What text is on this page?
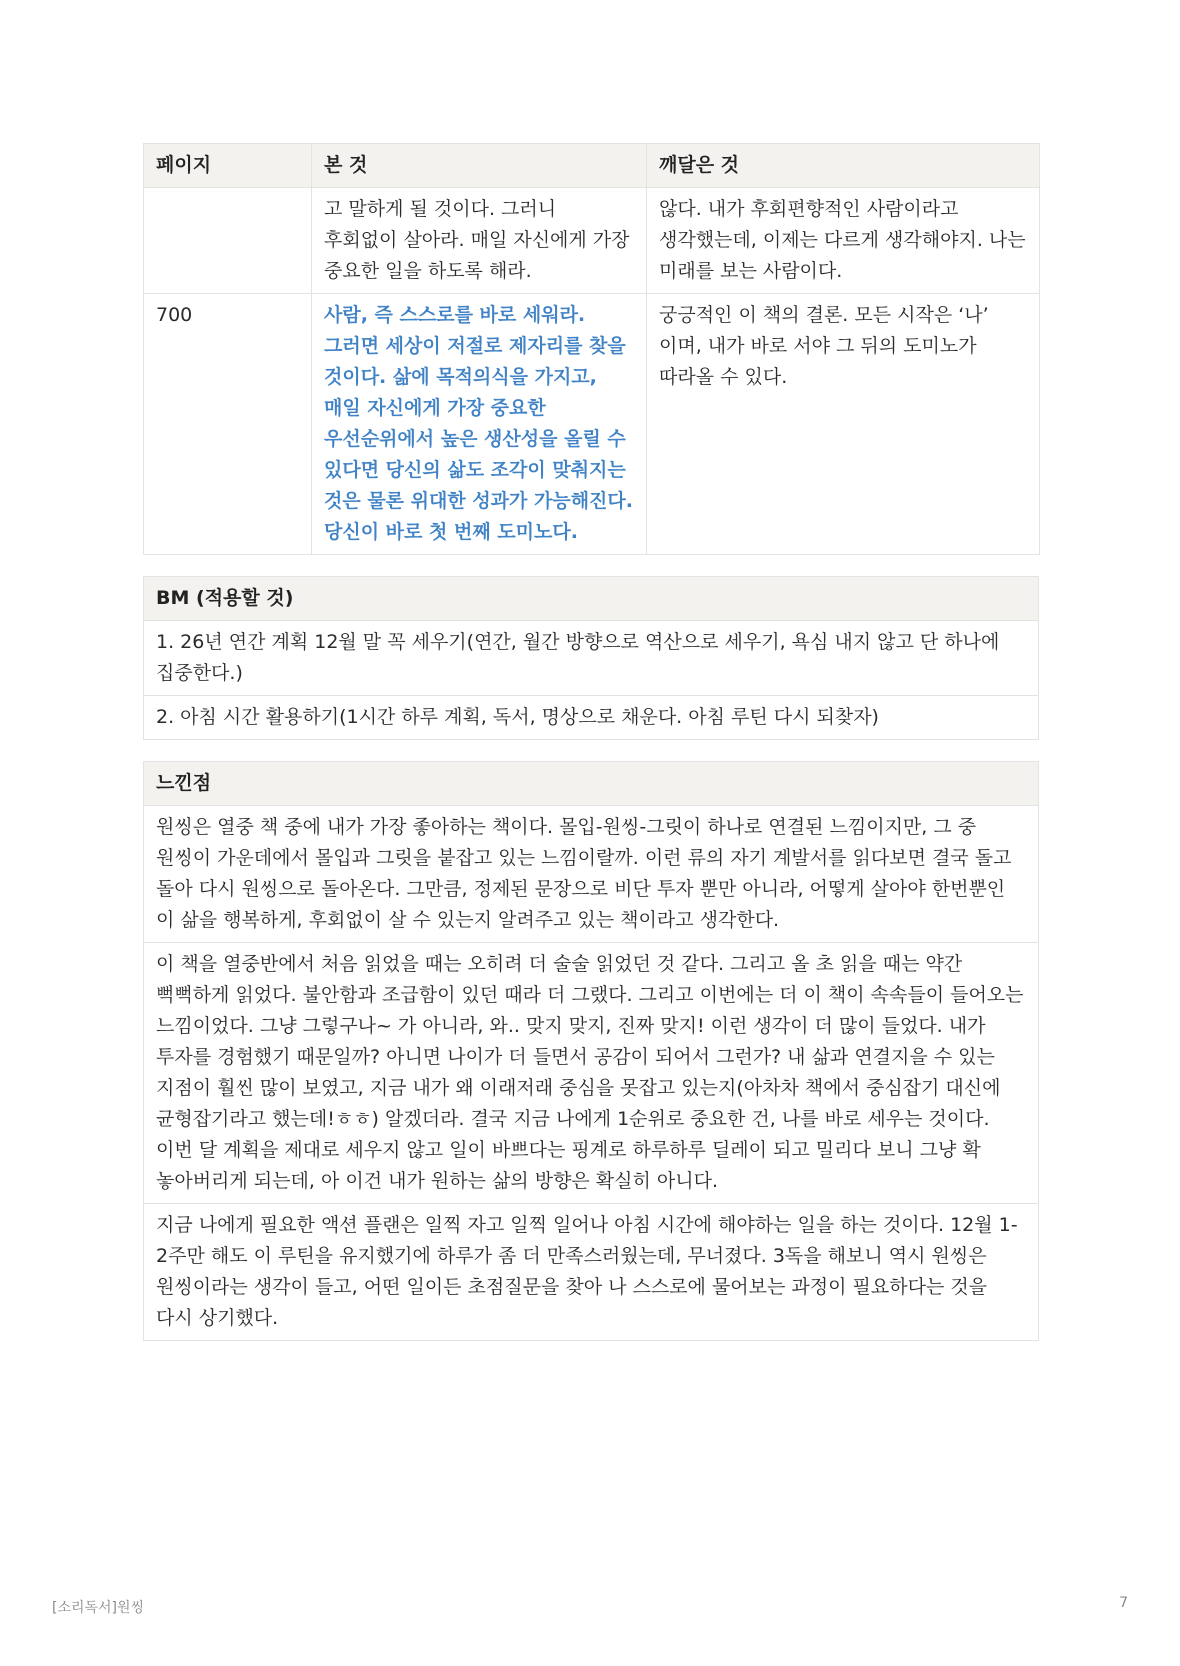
페이지	본 것	깨달은 것
	고 말하게 될 것이다. 그러니 후회없이 살아라. 매일 자신에게 가장 중요한 일을 하도록 해라.	않다. 내가 후회편향적인 사람이라고 생각했는데, 이제는 다르게 생각해야지. 나는 미래를 보는 사람이다.
700	사람, 즉 스스로를 바로 세워라. 그러면 세상이 저절로 제자리를 찾을 것이다. 삶에 목적의식을 가지고, 매일 자신에게 가장 중요한 우선순위에서 높은 생산성을 올릴 수 있다면 당신의 삶도 조각이 맞춰지는 것은 물론 위대한 성과가 가능해진다. 당신이 바로 첫 번째 도미노다.	궁긍적인 이 책의 결론. 모든 시작은 ‘나’ 이며, 내가 바로 서야 그 뒤의 도미노가 따라올 수 있다.
BM (적용할 것)
1. 26년 연간 계획 12월 말 꼭 세우기(연간, 월간 방향으로 역산으로 세우기, 욕심 내지 않고 단 하나에 집중한다.)
2. 아침 시간 활용하기(1시간 하루 계획, 독서, 명상으로 채운다. 아침 루틴 다시 되찾자)
느낀점
원씽은 열중 책 중에 내가 가장 좋아하는 책이다. 몰입-원씽-그릿이 하나로 연결된 느낌이지만, 그 중 원씽이 가운데에서 몰입과 그릿을 붙잡고 있는 느낌이랄까. 이런 류의 자기 계발서를 읽다보면 결국 돌고 돌아 다시 원씽으로 돌아온다. 그만큼, 정제된 문장으로 비단 투자 뿐만 아니라, 어떻게 살아야 한번뿐인 이 삶을 행복하게, 후회없이 살 수 있는지 알려주고 있는 책이라고 생각한다.
이 책을 열중반에서 처음 읽었을 때는 오히려 더 술술 읽었던 것 같다. 그리고 올 초 읽을 때는 약간 뻑뻑하게 읽었다. 불안함과 조급함이 있던 때라 더 그랬다. 그리고 이번에는 더 이 책이 속속들이 들어오는 느낌이었다. 그냥 그렇구나~ 가 아니라, 와.. 맞지 맞지, 진짜 맞지! 이런 생각이 더 많이 들었다. 내가 투자를 경험했기 때문일까? 아니면 나이가 더 들면서 공감이 되어서 그런가? 내 삶과 연결지을 수 있는 지점이 훨씬 많이 보였고, 지금 내가 왜 이래저래 중심을 못잡고 있는지(아차차 책에서 중심잡기 대신에 균형잡기라고 했는데!ㅎㅎ) 알겠더라. 결국 지금 나에게 1순위로 중요한 건, 나를 바로 세우는 것이다. 이번 달 계획을 제대로 세우지 않고 일이 바쁘다는 핑계로 하루하루 딜레이 되고 밀리다 보니 그냥 확 놓아버리게 되는데, 아 이건 내가 원하는 삶의 방향은 확실히 아니다.
지금 나에게 필요한 액션 플랜은 일찍 자고 일찍 일어나 아침 시간에 해야하는 일을 하는 것이다. 12월 1-2주만 해도 이 루틴을 유지했기에 하루가 좀 더 만족스러웠는데, 무너졌다. 3독을 해보니 역시 원씽은 원씽이라는 생각이 들고, 어떤 일이든 초점질문을 찾아 나 스스로에 물어보는 과정이 필요하다는 것을 다시 상기했다.
[소리독서]원씽	7
